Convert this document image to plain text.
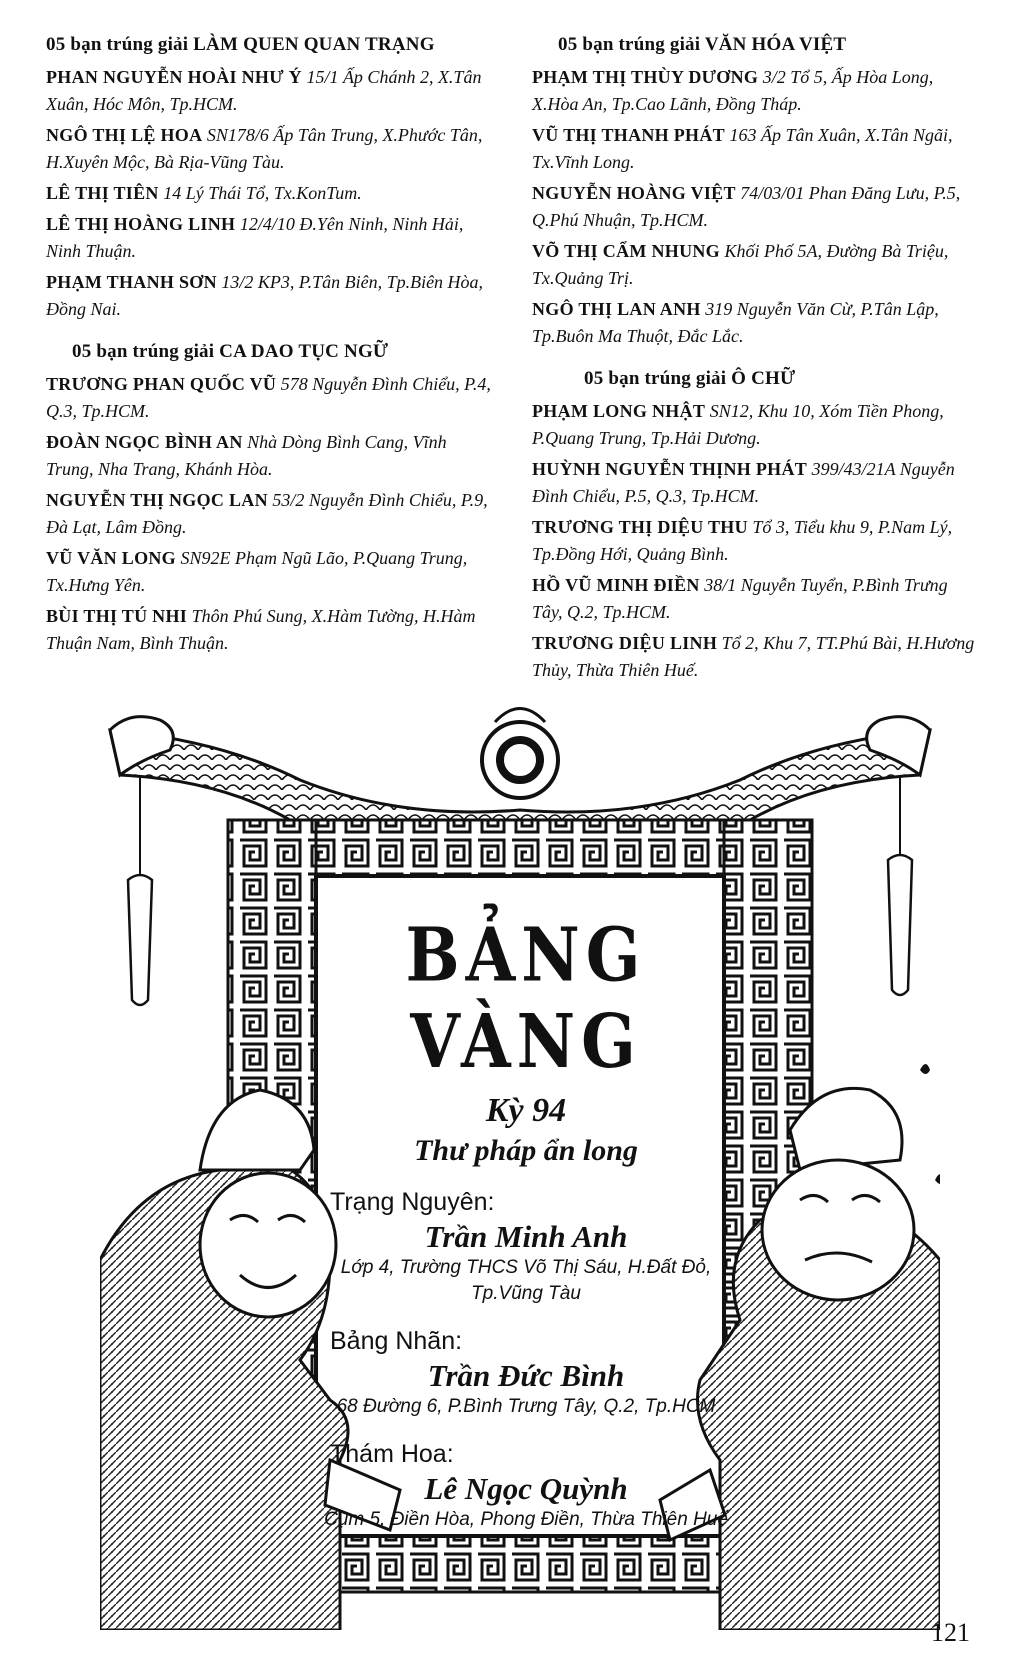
05 bạn trúng giải LÀM QUEN QUAN TRẠNG
PHAN NGUYỄN HOÀI NHƯ Ý 15/1 Ấp Chánh 2, X.Tân Xuân, Hóc Môn, Tp.HCM.
NGÔ THỊ LỆ HOA SN178/6 Ấp Tân Trung, X.Phước Tân, H.Xuyên Mộc, Bà Rịa-Vũng Tàu.
LÊ THỊ TIÊN 14 Lý Thái Tổ, Tx.KonTum.
LÊ THỊ HOÀNG LINH 12/4/10 Đ.Yên Ninh, Ninh Hải, Ninh Thuận.
PHẠM THANH SƠN 13/2 KP3, P.Tân Biên, Tp.Biên Hòa, Đồng Nai.
05 bạn trúng giải CA DAO TỤC NGỮ
TRƯƠNG PHAN QUỐC VŨ 578 Nguyễn Đình Chiểu, P.4, Q.3, Tp.HCM.
ĐOÀN NGỌC BÌNH AN Nhà Dòng Bình Cang, Vĩnh Trung, Nha Trang, Khánh Hòa.
NGUYỄN THỊ NGỌC LAN 53/2 Nguyễn Đình Chiểu, P.9, Đà Lạt, Lâm Đồng.
VŨ VĂN LONG SN92E Phạm Ngũ Lão, P.Quang Trung, Tx.Hưng Yên.
BÙI THỊ TÚ NHI Thôn Phú Sung, X.Hàm Tường, H.Hàm Thuận Nam, Bình Thuận.
05 bạn trúng giải VĂN HÓA VIỆT
PHẠM THỊ THÙY DƯƠNG 3/2 Tổ 5, Ấp Hòa Long, X.Hòa An, Tp.Cao Lãnh, Đồng Tháp.
VŨ THỊ THANH PHÁT 163 Ấp Tân Xuân, X.Tân Ngãi, Tx.Vĩnh Long.
NGUYỄN HOÀNG VIỆT 74/03/01 Phan Đăng Lưu, P.5, Q.Phú Nhuận, Tp.HCM.
VÕ THỊ CẨM NHUNG Khối Phố 5A, Đường Bà Triệu, Tx.Quảng Trị.
NGÔ THỊ LAN ANH 319 Nguyễn Văn Cừ, P.Tân Lập, Tp.Buôn Ma Thuột, Đắc Lắc.
05 bạn trúng giải Ô CHỮ
PHẠM LONG NHẬT SN12, Khu 10, Xóm Tiền Phong, P.Quang Trung, Tp.Hải Dương.
HUỲNH NGUYỄN THỊNH PHÁT 399/43/21A Nguyễn Đình Chiểu, P.5, Q.3, Tp.HCM.
TRƯƠNG THỊ DIỆU THU Tổ 3, Tiểu khu 9, P.Nam Lý, Tp.Đồng Hới, Quảng Bình.
HỒ VŨ MINH ĐIỀN 38/1 Nguyễn Tuyển, P.Bình Trưng Tây, Q.2, Tp.HCM.
TRƯƠNG DIỆU LINH Tổ 2, Khu 7, TT.Phú Bài, H.Hương Thủy, Thừa Thiên Huế.
BẢNG VÀNG
Kỳ 94
Thư pháp ẩn long
Trạng Nguyên:
Trần Minh Anh
Lớp 4, Trường THCS Võ Thị Sáu, H.Đất Đỏ, Tp.Vũng Tàu
Bảng Nhãn:
Trần Đức Bình
68 Đường 6, P.Bình Trưng Tây, Q.2, Tp.HCM
Thám Hoa:
Lê Ngọc Quỳnh
Cụm 5, Điền Hòa, Phong Điền, Thừa Thiên Huế
121
